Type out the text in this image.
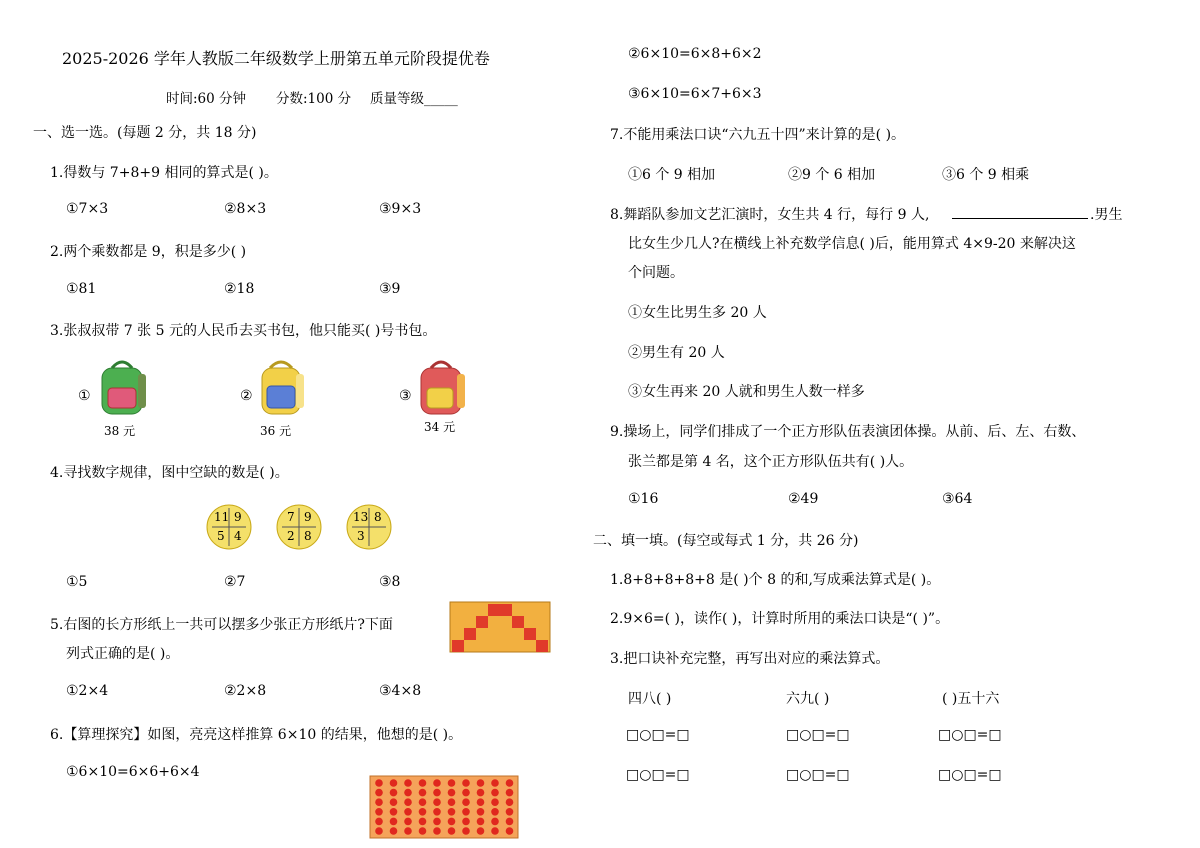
2025-2026 学年人教版二年级数学上册第五单元阶段提优卷
时间:60 分钟 分数:100 分 质量等级_____
一、选一选。(每题 2 分，共 18 分)
1.得数与 7+8+9 相同的算式是( )。
①7×3	②8×3	③9×3
2.两个乘数都是 9，积是多少( )
①81	②18	③9
3.张叔叔带 7 张 5 元的人民币去买书包，他只能买( )号书包。
①
38 元
②
36 元
③
34 元
4.寻找数字规律，图中空缺的数是( )。
11 9
5 4
7 9
2 8
13 8
3
①5	②7	③8
5.右图的长方形纸上一共可以摆多少张正方形纸片?下面
列式正确的是( )。
①2×4	②2×8	③4×8
6.【算理探究】如图，亮亮这样推算 6×10 的结果，他想的是( )。
①6×10=6×6+6×4
②6×10=6×8+6×2
③6×10=6×7+6×3
7.不能用乘法口诀“六九五十四”来计算的是( )。
①6 个 9 相加	②9 个 6 相加	③6 个 9 相乘
8.舞蹈队参加文艺汇演时，女生共 4 行，每行 9 人,	.男生
比女生少几人?在横线上补充数学信息( )后，能用算式 4×9-20 来解决这
个问题。
①女生比男生多 20 人
②男生有 20 人
③女生再来 20 人就和男生人数一样多
9.操场上，同学们排成了一个正方形队伍表演团体操。从前、后、左、右数、
张兰都是第 4 名，这个正方形队伍共有( )人。
①16	②49	③64
二、填一填。(每空或每式 1 分，共 26 分)
1.8+8+8+8+8 是( )个 8 的和,写成乘法算式是( )。
2.9×6=( )，读作( )，计算时所用的乘法口诀是“( )”。
3.把口诀补充完整，再写出对应的乘法算式。
四八( )	六九( )	( )五十六
□○□=□	□○□=□	□○□=□
□○□=□	□○□=□	□○□=□
